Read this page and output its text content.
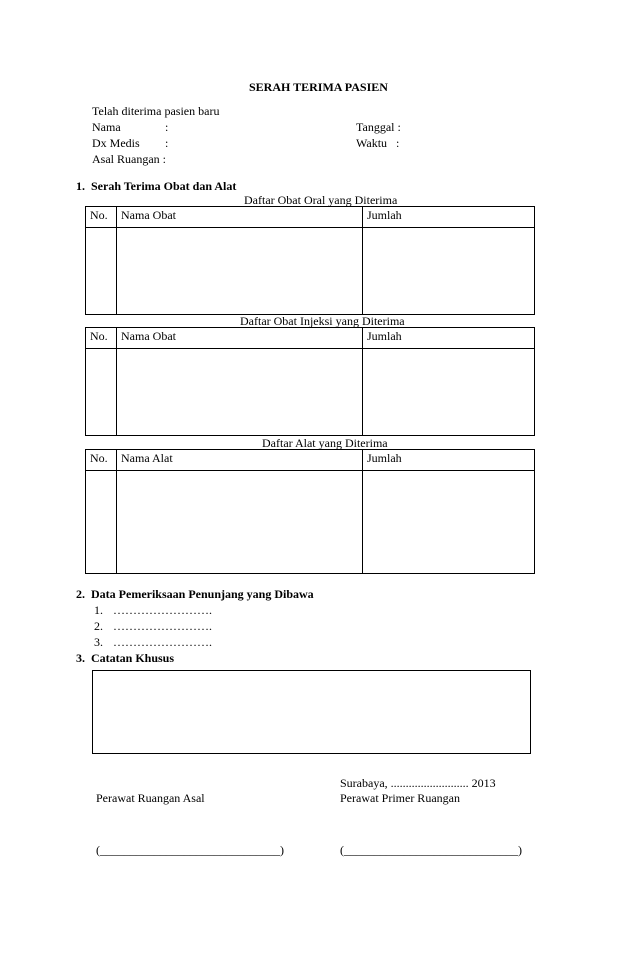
SERAH TERIMA PASIEN
Telah diterima pasien baru
Nama	:	Tanggal :
Dx Medis :	Waktu   :
Asal Ruangan :
1.  Serah Terima Obat dan Alat
Daftar Obat Oral yang Diterima
No.	Nama Obat	Jumlah

Daftar Obat Injeksi yang Diterima
No.	Nama Obat	Jumlah

Daftar Alat yang Diterima
No.	Nama Alat	Jumlah

2.  Data Pemeriksaan Penunjang yang Dibawa
1. …………………….
2. …………………….
3. …………………….
3.  Catatan Khusus
Surabaya, .......................... 2013
Perawat Ruangan Asal	Perawat Primer Ruangan
(______________________________)	(_____________________________)
